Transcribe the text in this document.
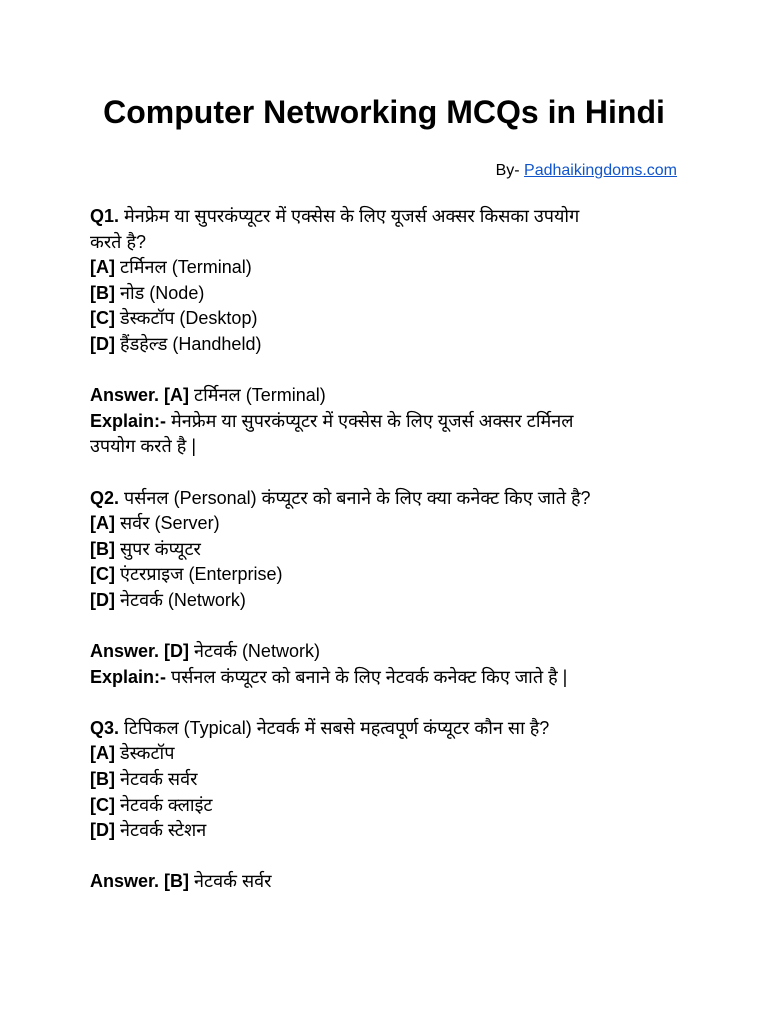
Computer Networking MCQs in Hindi
By- Padhaikingdoms.com
Q1. मेनफ्रेम या सुपरकंप्यूटर में एक्सेस के लिए यूजर्स अक्सर किसका उपयोग
करते है?
[A] टर्मिनल (Terminal)
[B] नोड (Node)
[C] डेस्कटॉप (Desktop)
[D] हैंडहेल्ड (Handheld)
Answer. [A] टर्मिनल (Terminal)
Explain:- मेनफ्रेम या सुपरकंप्यूटर में एक्सेस के लिए यूजर्स अक्सर टर्मिनल
उपयोग करते है |
Q2. पर्सनल (Personal) कंप्यूटर को बनाने के लिए क्या कनेक्ट किए जाते है?
[A] सर्वर (Server)
[B] सुपर कंप्यूटर
[C] एंटरप्राइज (Enterprise)
[D] नेटवर्क (Network)
Answer. [D] नेटवर्क (Network)
Explain:- पर्सनल कंप्यूटर को बनाने के लिए नेटवर्क कनेक्ट किए जाते है |
Q3. टिपिकल (Typical) नेटवर्क में सबसे महत्वपूर्ण कंप्यूटर कौन सा है?
[A] डेस्कटॉप
[B] नेटवर्क सर्वर
[C] नेटवर्क क्लाइंट
[D] नेटवर्क स्टेशन
Answer. [B] नेटवर्क सर्वर
